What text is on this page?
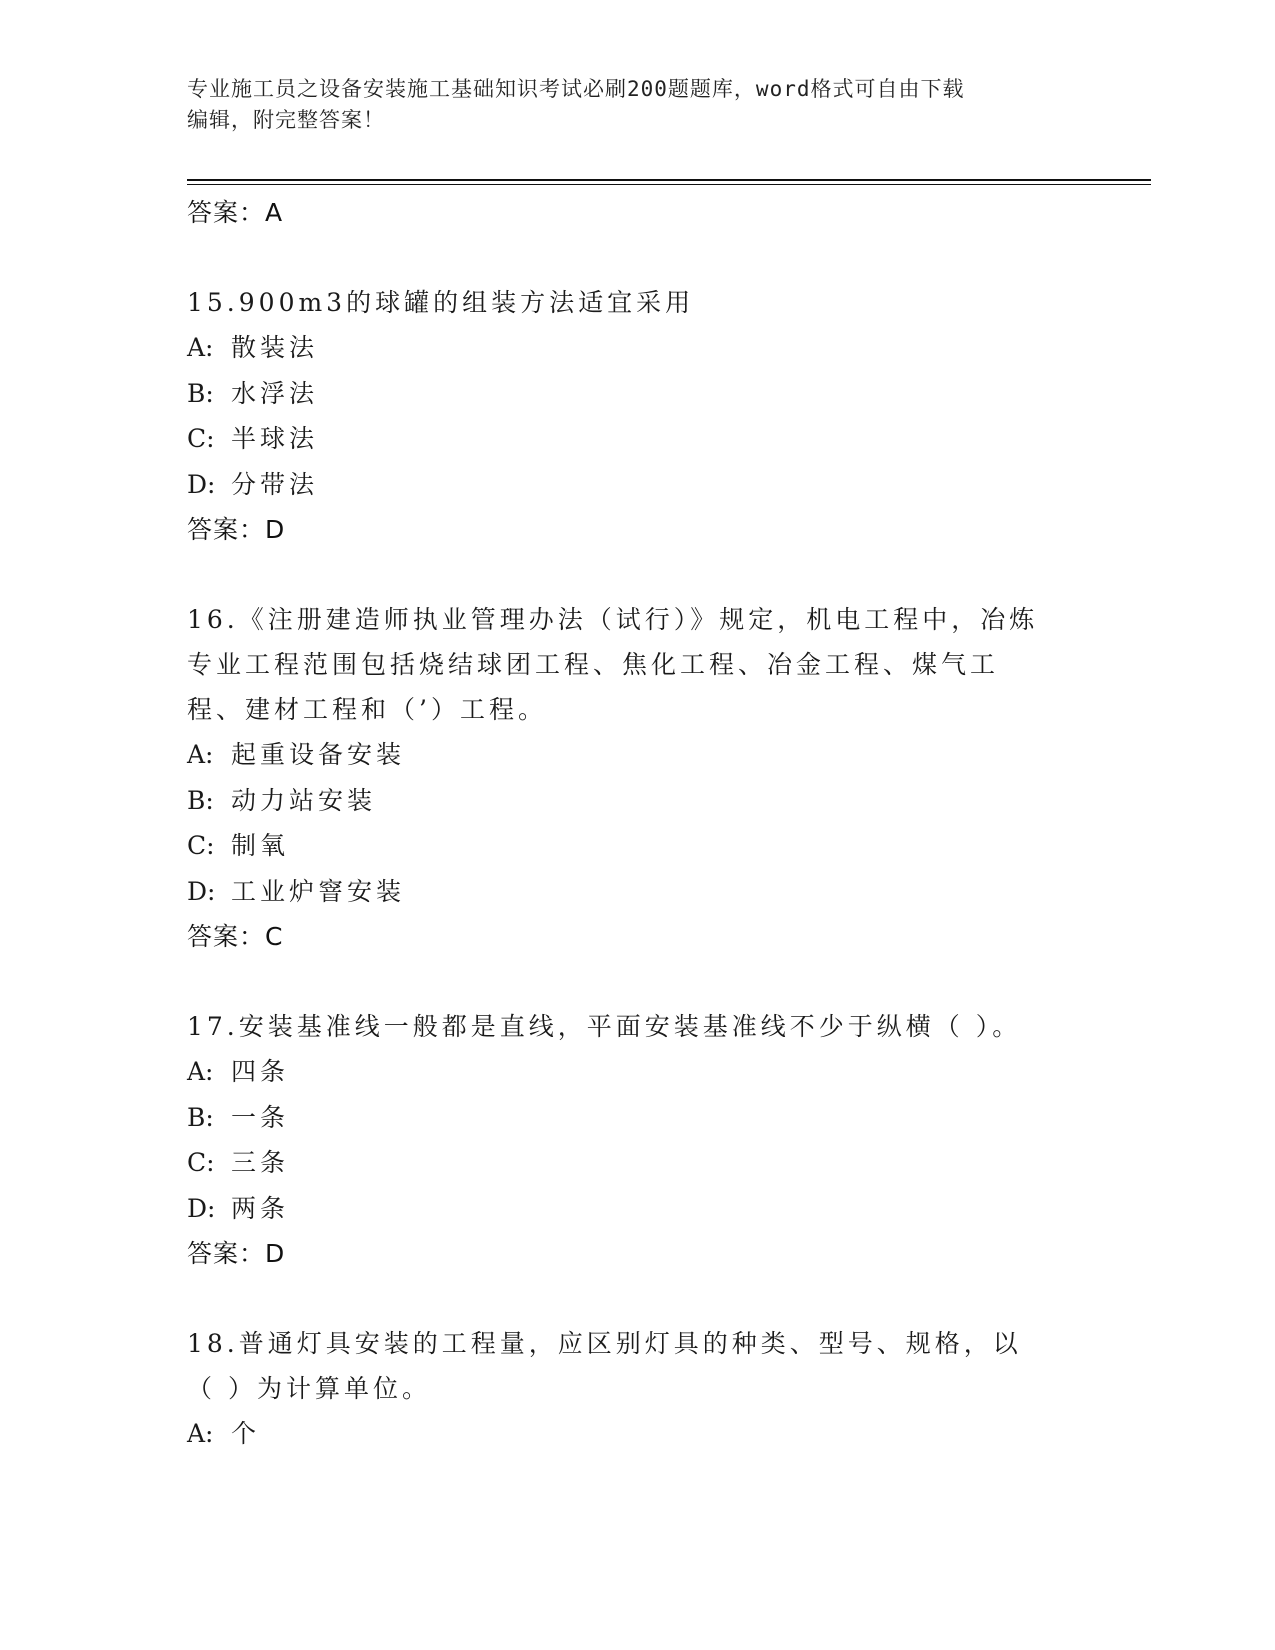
专业施工员之设备安装施工基础知识考试必刷200题题库，word格式可自由下载
编辑，附完整答案！
答案：A
15.900m3的球罐的组装方法适宜采用
A: 散装法
B: 水浮法
C: 半球法
D: 分带法
答案：D
16.《注册建造师执业管理办法（试行）》规定，机电工程中，冶炼专业工程范围包括烧结球团工程、焦化工程、冶金工程、煤气工程、建材工程和（’）工程。
A: 起重设备安装
B: 动力站安装
C: 制氧
D: 工业炉窨安装
答案：C
17.安装基准线一般都是直线，平面安装基准线不少于纵横（ ）。
A: 四条
B: 一条
C: 三条
D: 两条
答案：D
18.普通灯具安装的工程量，应区别灯具的种类、型号、规格，以（ ）为计算单位。
A: 个
